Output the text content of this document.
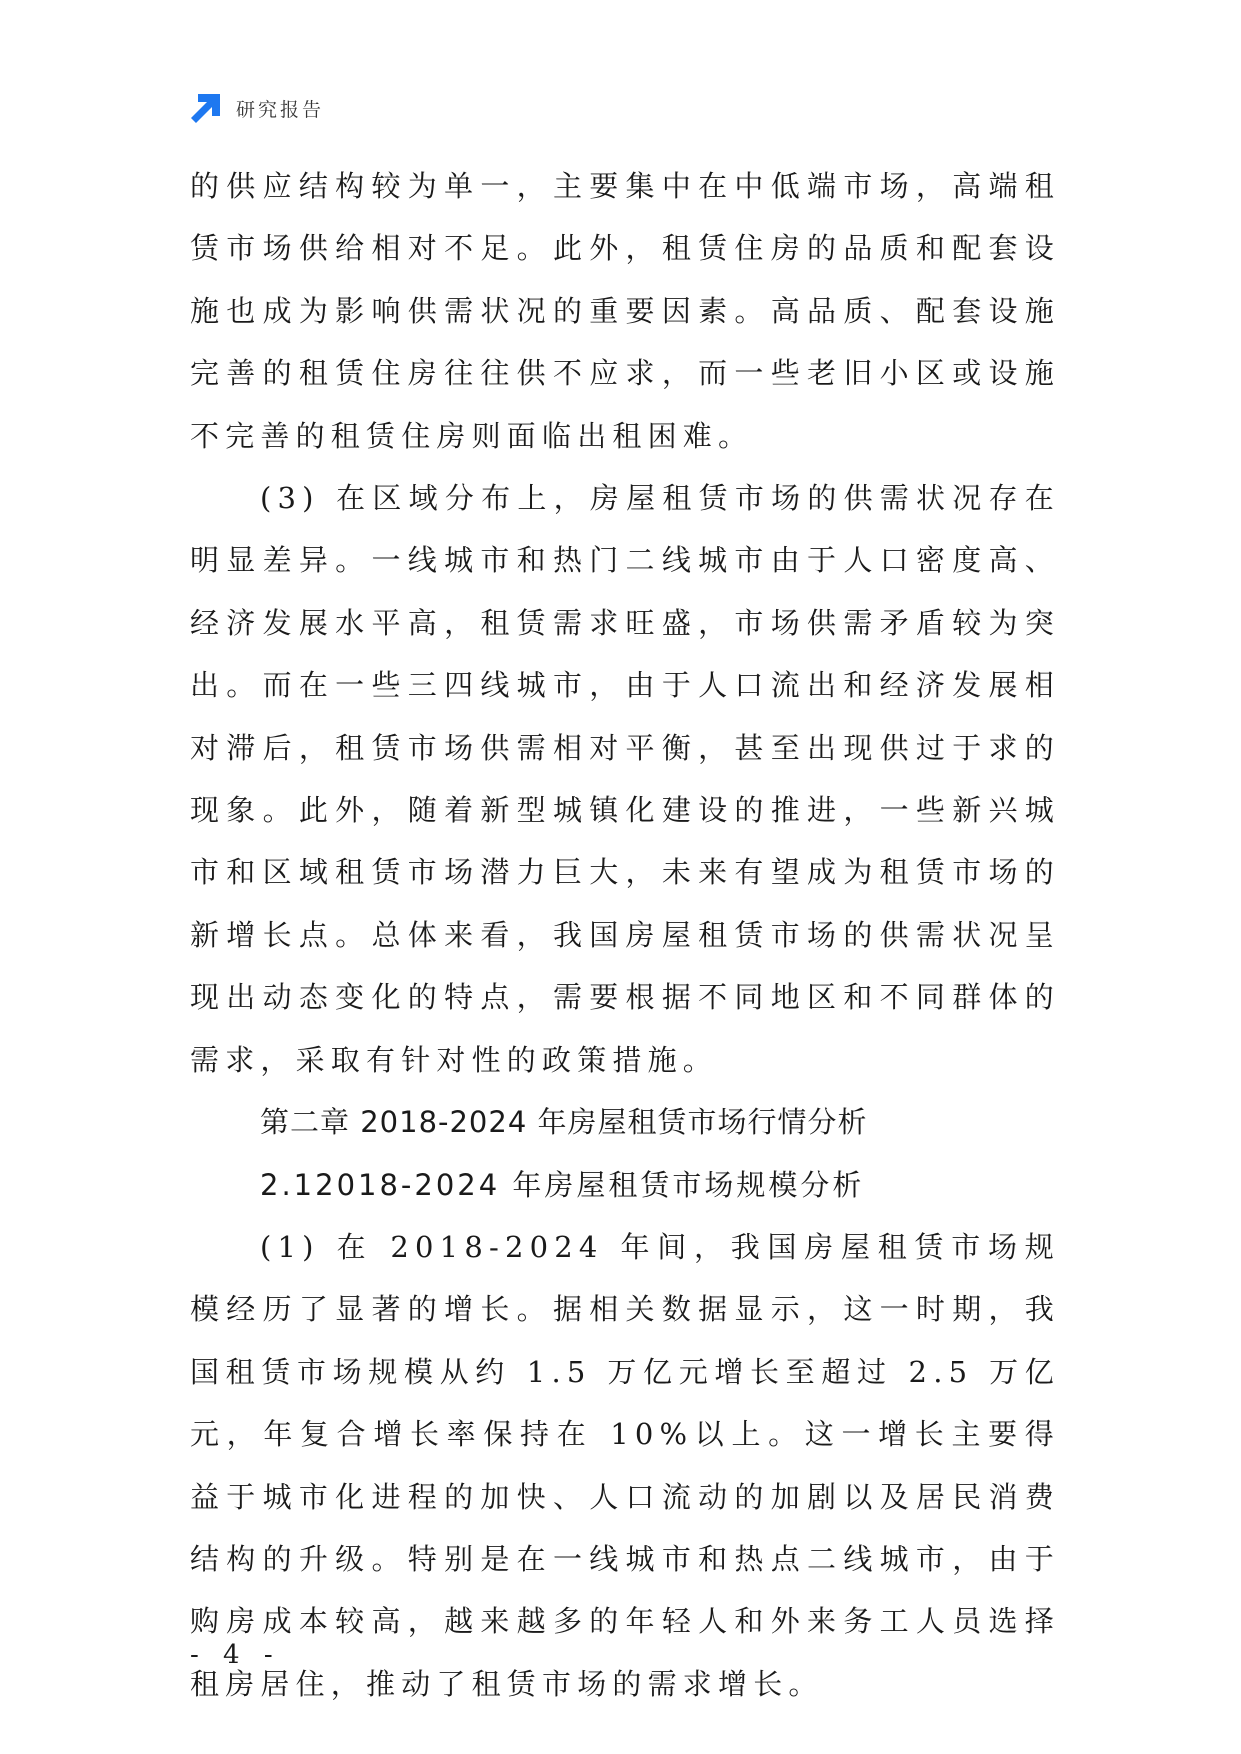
研究报告

的供应结构较为单一，主要集中在中低端市场，高端租赁市场供给相对不足。此外，租赁住房的品质和配套设施也成为影响供需状况的重要因素。高品质、配套设施完善的租赁住房往往供不应求，而一些老旧小区或设施不完善的租赁住房则面临出租困难。

(3) 在区域分布上，房屋租赁市场的供需状况存在明显差异。一线城市和热门二线城市由于人口密度高、经济发展水平高，租赁需求旺盛，市场供需矛盾较为突出。而在一些三四线城市，由于人口流出和经济发展相对滞后，租赁市场供需相对平衡，甚至出现供过于求的现象。此外，随着新型城镇化建设的推进，一些新兴城市和区域租赁市场潜力巨大，未来有望成为租赁市场的新增长点。总体来看，我国房屋租赁市场的供需状况呈现出动态变化的特点，需要根据不同地区和不同群体的需求，采取有针对性的政策措施。

第二章 2018-2024 年房屋租赁市场行情分析
2.12018-2024 年房屋租赁市场规模分析

(1) 在 2018-2024 年间，我国房屋租赁市场规模经历了显著的增长。据相关数据显示，这一时期，我国租赁市场规模从约 1.5 万亿元增长至超过 2.5 万亿元，年复合增长率保持在 10%以上。这一增长主要得益于城市化进程的加快、人口流动的加剧以及居民消费结构的升级。特别是在一线城市和热点二线城市，由于购房成本较高，越来越多的年轻人和外来务工人员选择租房居住，推动了租赁市场的需求增长。

- 4 -
